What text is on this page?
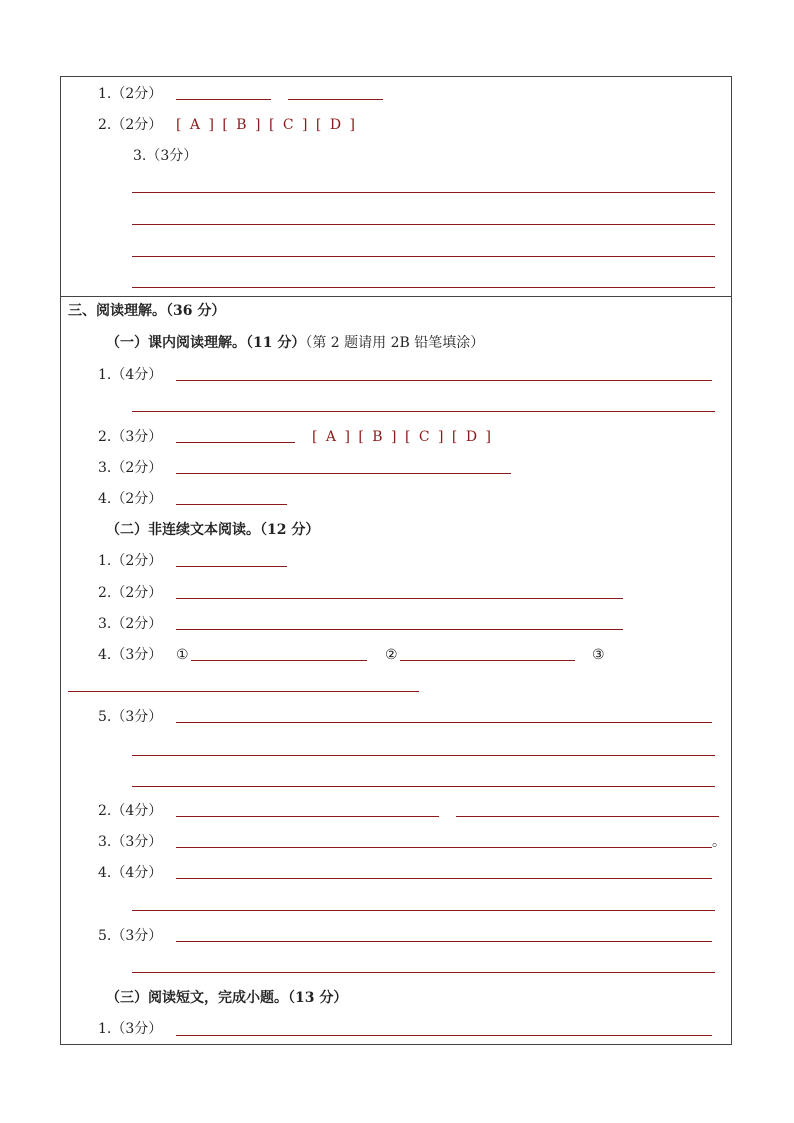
1.（2分）
2.（2分） [ A ] [ B ] [ C ] [ D ]
3.（3分）
三、阅读理解。（36 分）
（一）课内阅读理解。（11 分）（第 2 题请用 2B 铅笔填涂）
1.（4分）
2.（3分）	[ A ] [ B ] [ C ] [ D ]
3.（2分）
4.（2分）
（二）非连续文本阅读。（12 分）
1.（2分）
2.（2分）
3.（2分）
4.（3分） ①	②	③
5.（3分）
2.（4分）
3.（3分）	。
4.（4分）
5.（3分）
（三）阅读短文，完成小题。（13 分）
1.（3分）
